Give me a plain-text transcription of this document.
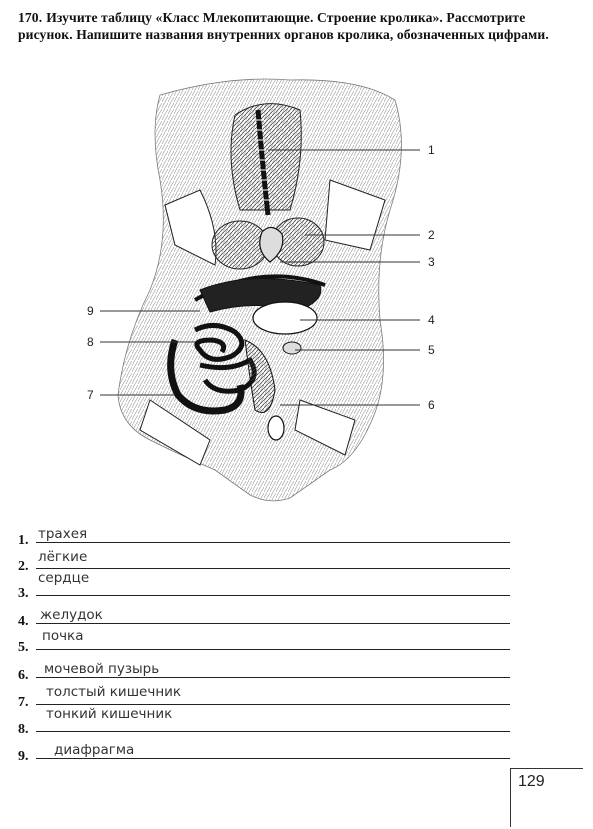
170. Изучите таблицу «Класс Млекопитающие. Строение кролика». Рассмотрите рисунок. Напишите названия внутренних органов кролика, обозначенных цифрами.
1
2
3
4
5
6
9
8
7
1. трахея
2.
лёгкие
3.
сердце
4. желудок
5.
почка
6. мочевой пузырь
7.
толстый кишечник
8.
тонкий кишечник
9. диафрагма
129
